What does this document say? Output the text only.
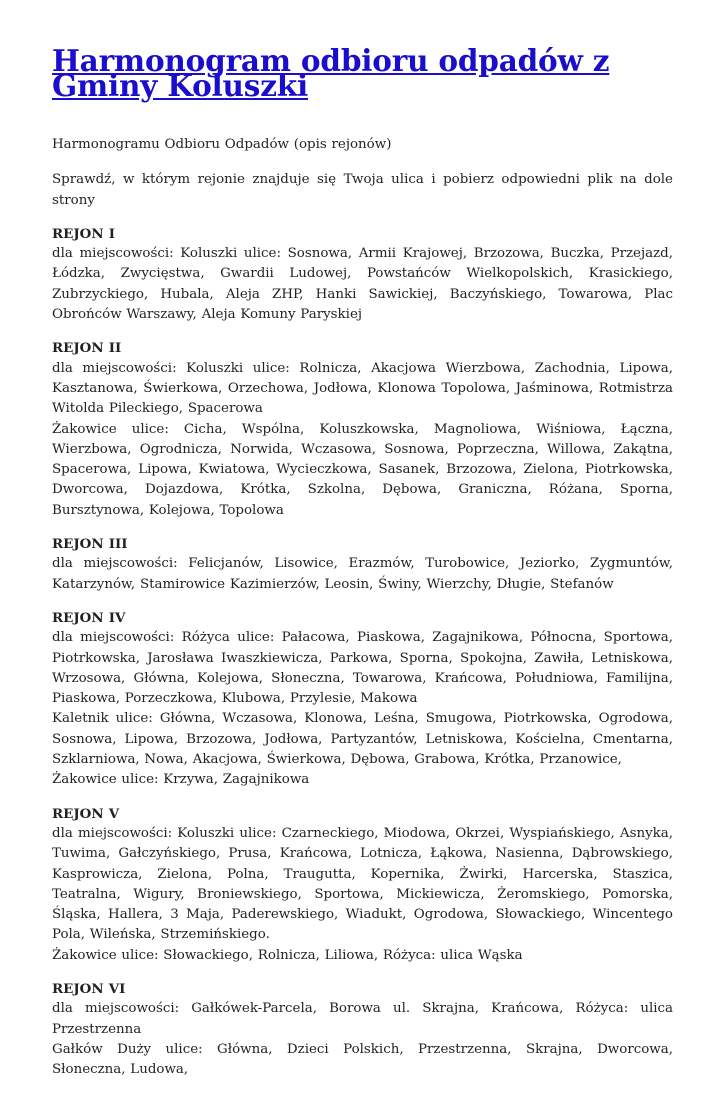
Harmonogram odbioru odpadów z Gminy Koluszki

Harmonogramu Odbioru Odpadów (opis rejonów)

Sprawdź, w którym rejonie znajduje się Twoja ulica i pobierz odpowiedni plik na dole strony

REJON I

dla miejscowości: Koluszki ulice: Sosnowa, Armii Krajowej, Brzozowa, Buczka, Przejazd, Łódzka, Zwycięstwa, Gwardii Ludowej, Powstańców Wielkopolskich, Krasickiego, Zubrzyckiego, Hubala, Aleja ZHP, Hanki Sawickiej, Baczyńskiego, Towarowa, Plac Obrońców Warszawy, Aleja Komuny Paryskiej

REJON II

dla miejscowości: Koluszki ulice: Rolnicza, Akacjowa Wierzbowa, Zachodnia, Lipowa, Kasztanowa, Świerkowa, Orzechowa, Jodłowa, Klonowa Topolowa, Jaśminowa, Rotmistrza Witolda Pileckiego, Spacerowa

Żakowice ulice: Cicha, Wspólna, Koluszkowska, Magnoliowa, Wiśniowa, Łączna, Wierzbowa, Ogrodnicza, Norwida, Wczasowa, Sosnowa, Poprzeczna, Willowa, Zakątna, Spacerowa, Lipowa, Kwiatowa, Wycieczkowa, Sasanek, Brzozowa, Zielona, Piotrkowska, Dworcowa, Dojazdowa, Krótka, Szkolna, Dębowa, Graniczna, Różana, Sporna, Bursztynowa, Kolejowa, Topolowa

REJON III

dla miejscowości: Felicjanów, Lisowice, Erazmów, Turobowice, Jeziorko, Zygmuntów, Katarzynów, Stamirowice Kazimierzów, Leosin, Świny, Wierzchy, Długie, Stefanów

REJON IV

dla miejscowości: Różyca ulice: Pałacowa, Piaskowa, Zagajnikowa, Północna, Sportowa, Piotrkowska, Jarosława Iwaszkiewicza, Parkowa, Sporna, Spokojna, Zawiła, Letniskowa, Wrzosowa, Główna, Kolejowa, Słoneczna, Towarowa, Krańcowa, Południowa, Familijna, Piaskowa, Porzeczkowa, Klubowa, Przylesie, Makowa

Kaletnik ulice: Główna, Wczasowa, Klonowa, Leśna, Smugowa, Piotrkowska, Ogrodowa, Sosnowa, Lipowa, Brzozowa, Jodłowa, Partyzantów, Letniskowa, Kościelna, Cmentarna, Szklarniowa, Nowa, Akacjowa, Świerkowa, Dębowa, Grabowa, Krótka, Przanowice,

Żakowice ulice: Krzywa, Zagajnikowa

REJON V

dla miejscowości: Koluszki ulice: Czarneckiego, Miodowa, Okrzei, Wyspiańskiego, Asnyka, Tuwima, Gałczyńskiego, Prusa, Krańcowa, Lotnicza, Łąkowa, Nasienna, Dąbrowskiego, Kasprowicza, Zielona, Polna, Traugutta, Kopernika, Żwirki, Harcerska, Staszica, Teatralna, Wigury, Broniewskiego, Sportowa, Mickiewicza, Żeromskiego, Pomorska, Śląska, Hallera, 3 Maja, Paderewskiego, Wiadukt, Ogrodowa, Słowackiego, Wincentego Pola, Wileńska, Strzemińskiego.

Żakowice ulice: Słowackiego, Rolnicza, Liliowa, Różyca: ulica Wąska

REJON VI

dla miejscowości: Gałkówek-Parcela, Borowa ul. Skrajna, Krańcowa, Różyca: ulica Przestrzenna

Gałków Duży ulice: Główna, Dzieci Polskich, Przestrzenna, Skrajna, Dworcowa, Słoneczna, Ludowa,
